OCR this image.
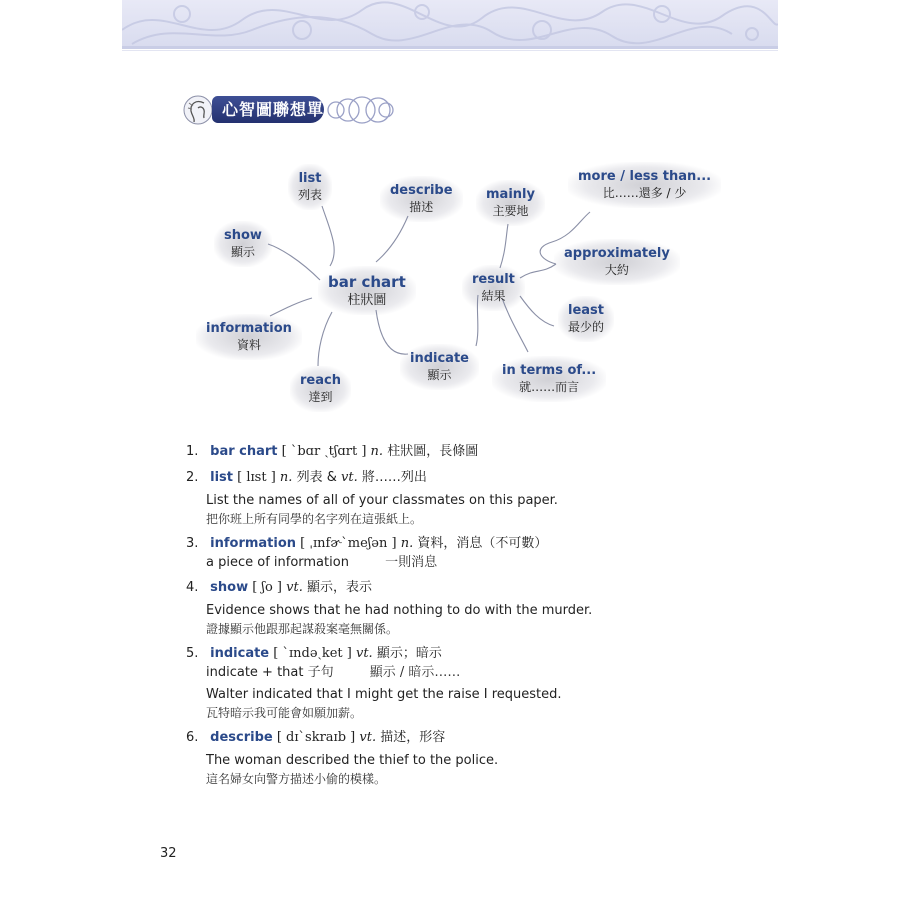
心智圖聯想單字
bar chart
柱狀圖
list
列表	describe
描述
show
顯示
information
資料
reach
達到
indicate
顯示
result
結果
mainly
主要地
more / less than...
比……還多 / 少
approximately
大約
least
最少的
in terms of...
就……而言
1. bar chart [ ˋbɑr ˏtʃɑrt ] n. 柱狀圖，長條圖
2. list [ lɪst ] n. 列表 & vt. 將……列出
List the names of all of your classmates on this paper.
把你班上所有同學的名字列在這張紙上。
3. information [ ˌɪnfɚˋmeʃən ] n. 資料，消息（不可數）
a piece of information	一則消息
4. show [ ʃo ] vt. 顯示，表示
Evidence shows that he had nothing to do with the murder.
證據顯示他跟那起謀殺案毫無關係。
5. indicate [ ˋɪndəˏket ] vt. 顯示；暗示
indicate + that 子句	顯示 / 暗示……
Walter indicated that I might get the raise I requested.
瓦特暗示我可能會如願加薪。
6. describe [ dɪˋskraɪb ] vt. 描述，形容
The woman described the thief to the police.
這名婦女向警方描述小偷的模樣。
32
